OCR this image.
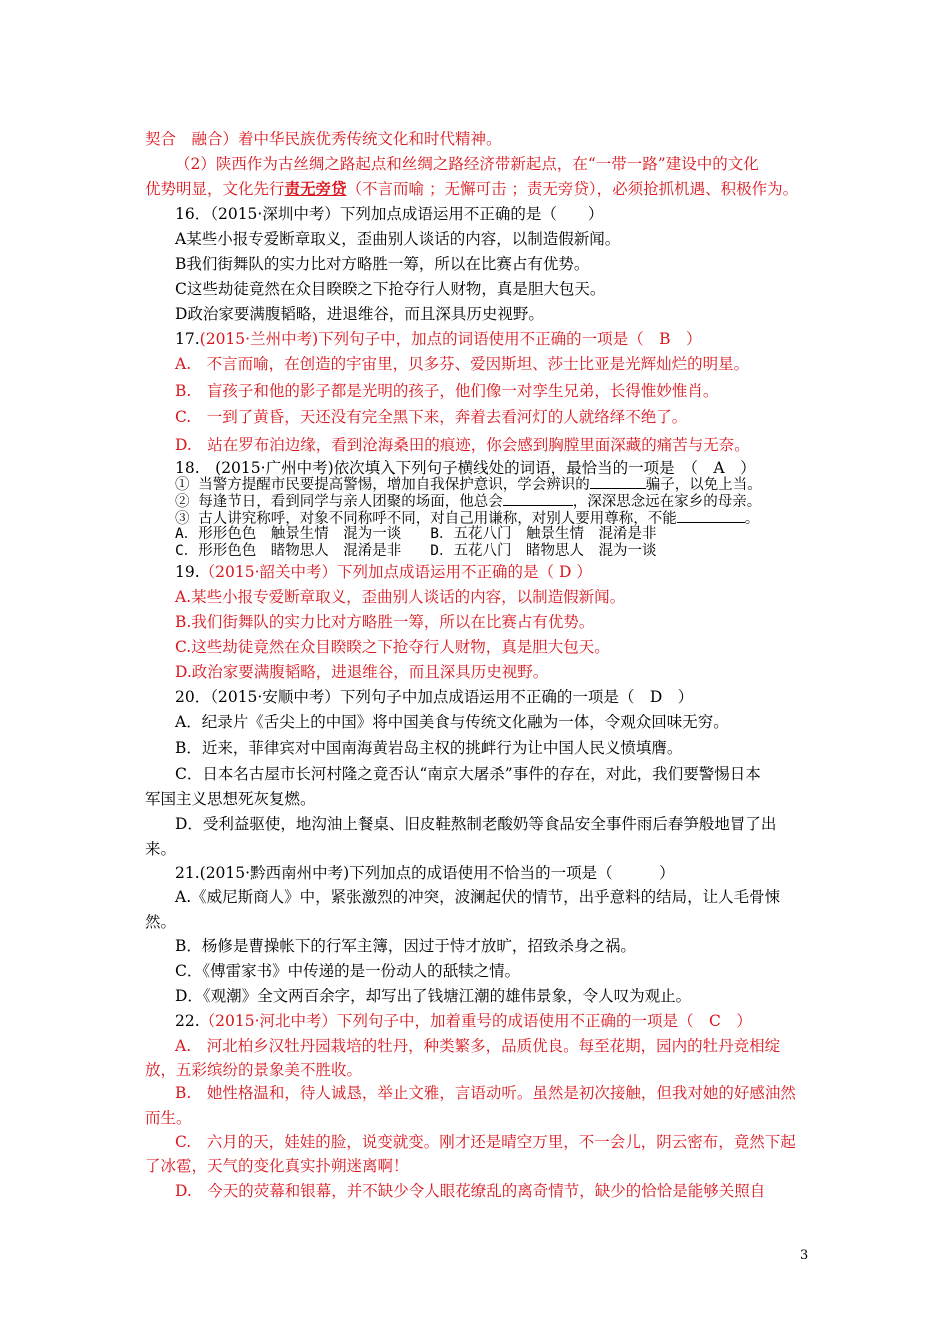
契合　融合）着中华民族优秀传统文化和时代精神。
（2）陕西作为古丝绸之路起点和丝绸之路经济带新起点，在“一带一路”建设中的文化
优势明显，文化先行责无旁贷（不言而喻 ；无懈可击 ；责无旁贷），必须抢抓机遇、积极作为。
16．（2015·深圳中考）下列加点成语运用不正确的是（　　）
A某些小报专爱断章取义，歪曲别人谈话的内容，以制造假新闻。
B我们街舞队的实力比对方略胜一筹，所以在比赛占有优势。
C这些劫徒竟然在众目睽睽之下抢夺行人财物，真是胆大包天。
D政治家要满腹韬略，进退维谷，而且深具历史视野。
17.(2015·兰州中考)下列句子中，加点的词语使用不正确的一项是（　B　）
A.　不言而喻，在创造的宇宙里，贝多芬、爱因斯坦、莎士比亚是光辉灿烂的明星。
B.　盲孩子和他的影子都是光明的孩子，他们像一对孪生兄弟，长得惟妙惟肖。
C.　一到了黄昏，天还没有完全黑下来，奔着去看河灯的人就络绎不绝了。
D.　站在罗布泊边缘，看到沧海桑田的痕迹，你会感到胸膛里面深藏的痛苦与无奈。
18.　(2015·广州中考)依次填入下列句子横线处的词语，最恰当的一项是　（　A　）
① 当警方提醒市民要提高警惕，增加自我保护意识，学会辨识的	骗子，以免上当。
② 每逢节日，看到同学与亲人团聚的场面，他总会	，深深思念远在家乡的母亲。
③ 古人讲究称呼，对象不同称呼不同，对自己用谦称，对别人要用尊称，不能	。
A．形形色色　触景生情　混为一谈　　B．五花八门　触景生情　混淆是非
C．形形色色　睹物思人　混淆是非　　D．五花八门　睹物思人　混为一谈
19.（2015·韶关中考）下列加点成语运用不正确的是（ D ）
A.某些小报专爱断章取义，歪曲别人谈话的内容，以制造假新闻。
B.我们街舞队的实力比对方略胜一筹，所以在比赛占有优势。
C.这些劫徒竟然在众目睽睽之下抢夺行人财物，真是胆大包天。
D.政治家要满腹韬略，进退维谷，而且深具历史视野。
20．（2015·安顺中考）下列句子中加点成语运用不正确的一项是（　D　）
A．纪录片《舌尖上的中国》将中国美食与传统文化融为一体，令观众回味无穷。
B．近来，菲律宾对中国南海黄岩岛主权的挑衅行为让中国人民义愤填膺。
C．日本名古屋市长河村隆之竟否认“南京大屠杀”事件的存在，对此，我们要警惕日本
军国主义思想死灰复燃。
D．受利益驱使，地沟油上餐桌、旧皮鞋熬制老酸奶等食品安全事件雨后春笋般地冒了出
来。
21.(2015·黔西南州中考)下列加点的成语使用不恰当的一项是（　　　）
A.《威尼斯商人》中，紧张激烈的冲突，波澜起伏的情节，出乎意料的结局，让人毛骨悚
然。
B．杨修是曹操帐下的行军主簿，因过于恃才放旷，招致杀身之祸。
C．《傅雷家书》中传递的是一份动人的舐犊之情。
D．《观潮》全文两百余字，却写出了钱塘江潮的雄伟景象，令人叹为观止。
22.（2015·河北中考）下列句子中，加着重号的成语使用不正确的一项是（　C　）
A.　河北柏乡汉牡丹园栽培的牡丹，种类繁多，品质优良。每至花期，园内的牡丹竞相绽
放，五彩缤纷的景象美不胜收。
B.　她性格温和，待人诚恳，举止文雅，言语动听。虽然是初次接触，但我对她的好感油然
而生。
C.　六月的天，娃娃的脸，说变就变。刚才还是晴空万里，不一会儿，阴云密布，竟然下起
了冰雹，天气的变化真实扑朔迷离啊！
D.　今天的荧幕和银幕，并不缺少令人眼花缭乱的离奇情节，缺少的恰恰是能够关照自
3
